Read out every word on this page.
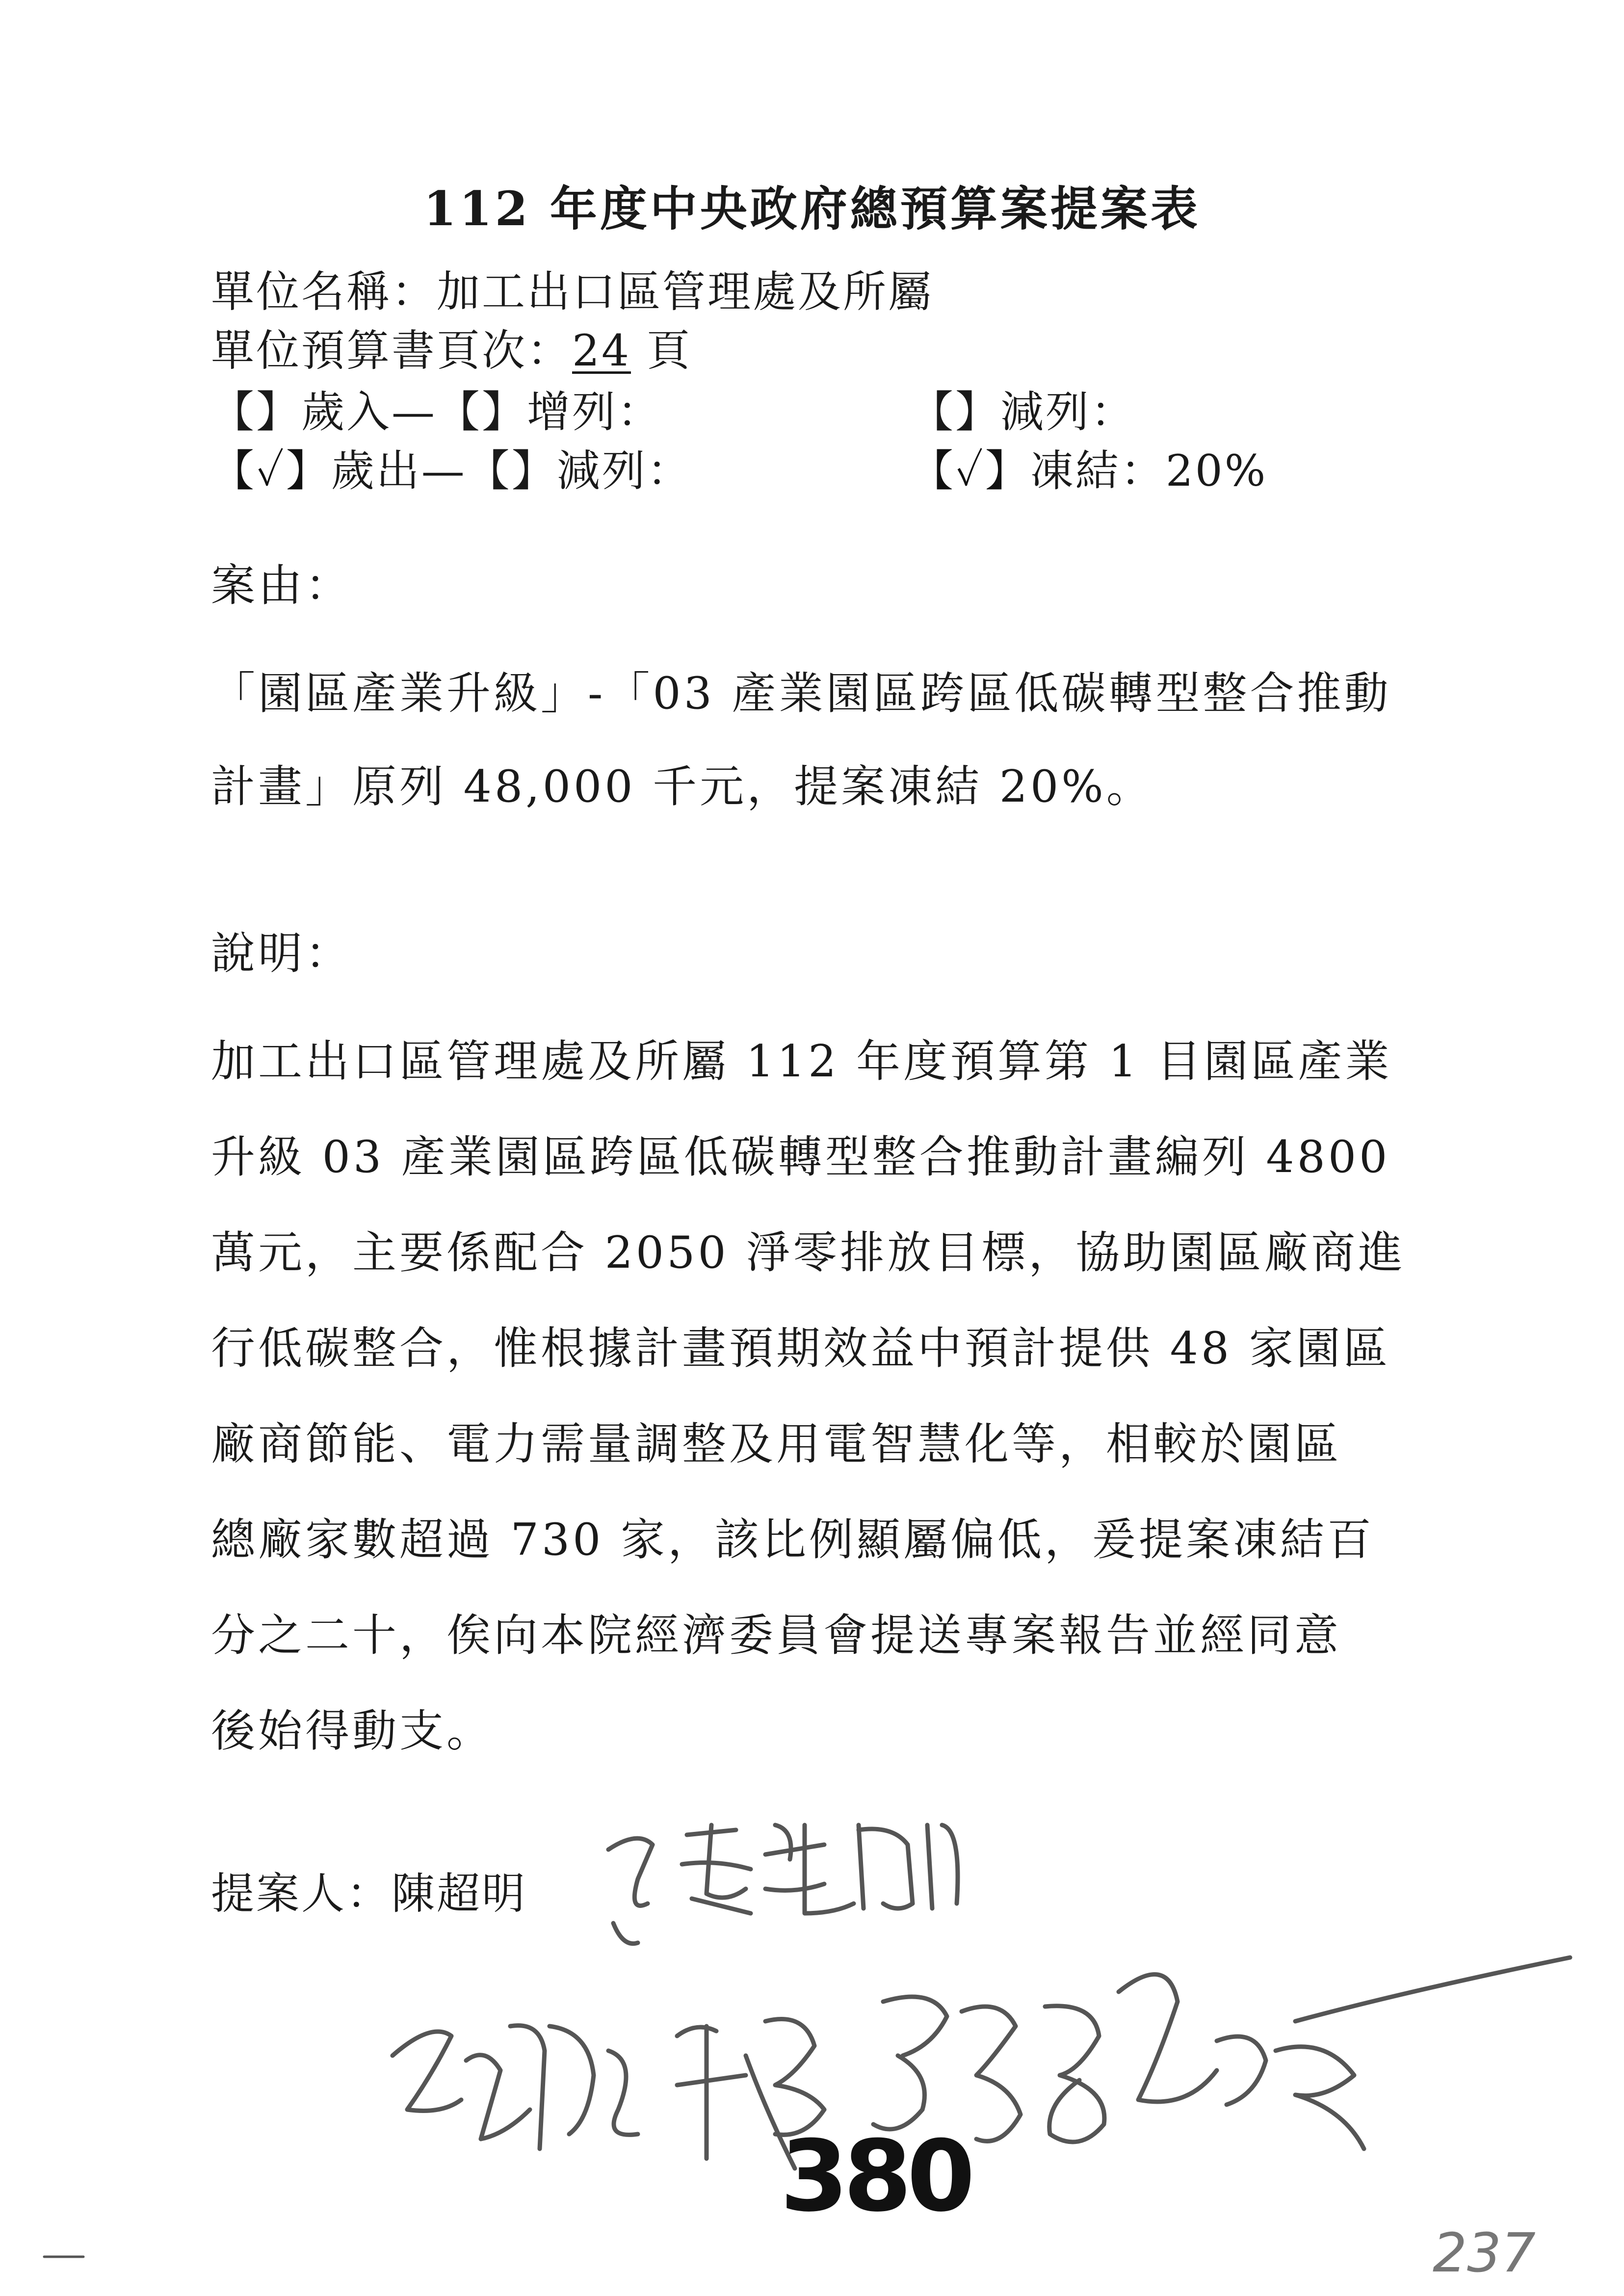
112 年度中央政府總預算案提案表
單位名稱：加工出口區管理處及所屬
單位預算書頁次：24 頁
【】歲入—【】增列：	【】減列：
【✓】歲出—【】減列：	【✓】凍結：20%
案由：
「園區產業升級」-「03 產業園區跨區低碳轉型整合推動
計畫」原列 48,000 千元，提案凍結 20%。
說明：
加工出口區管理處及所屬 112 年度預算第 1 目園區產業
升級 03 產業園區跨區低碳轉型整合推動計畫編列 4800
萬元，主要係配合 2050 淨零排放目標，協助園區廠商進
行低碳整合，惟根據計畫預期效益中預計提供 48 家園區
廠商節能、電力需量調整及用電智慧化等，相較於園區
總廠家數超過 730 家，該比例顯屬偏低，爰提案凍結百
分之二十，俟向本院經濟委員會提送專案報告並經同意
後始得動支。
提案人：陳超明
380
237
